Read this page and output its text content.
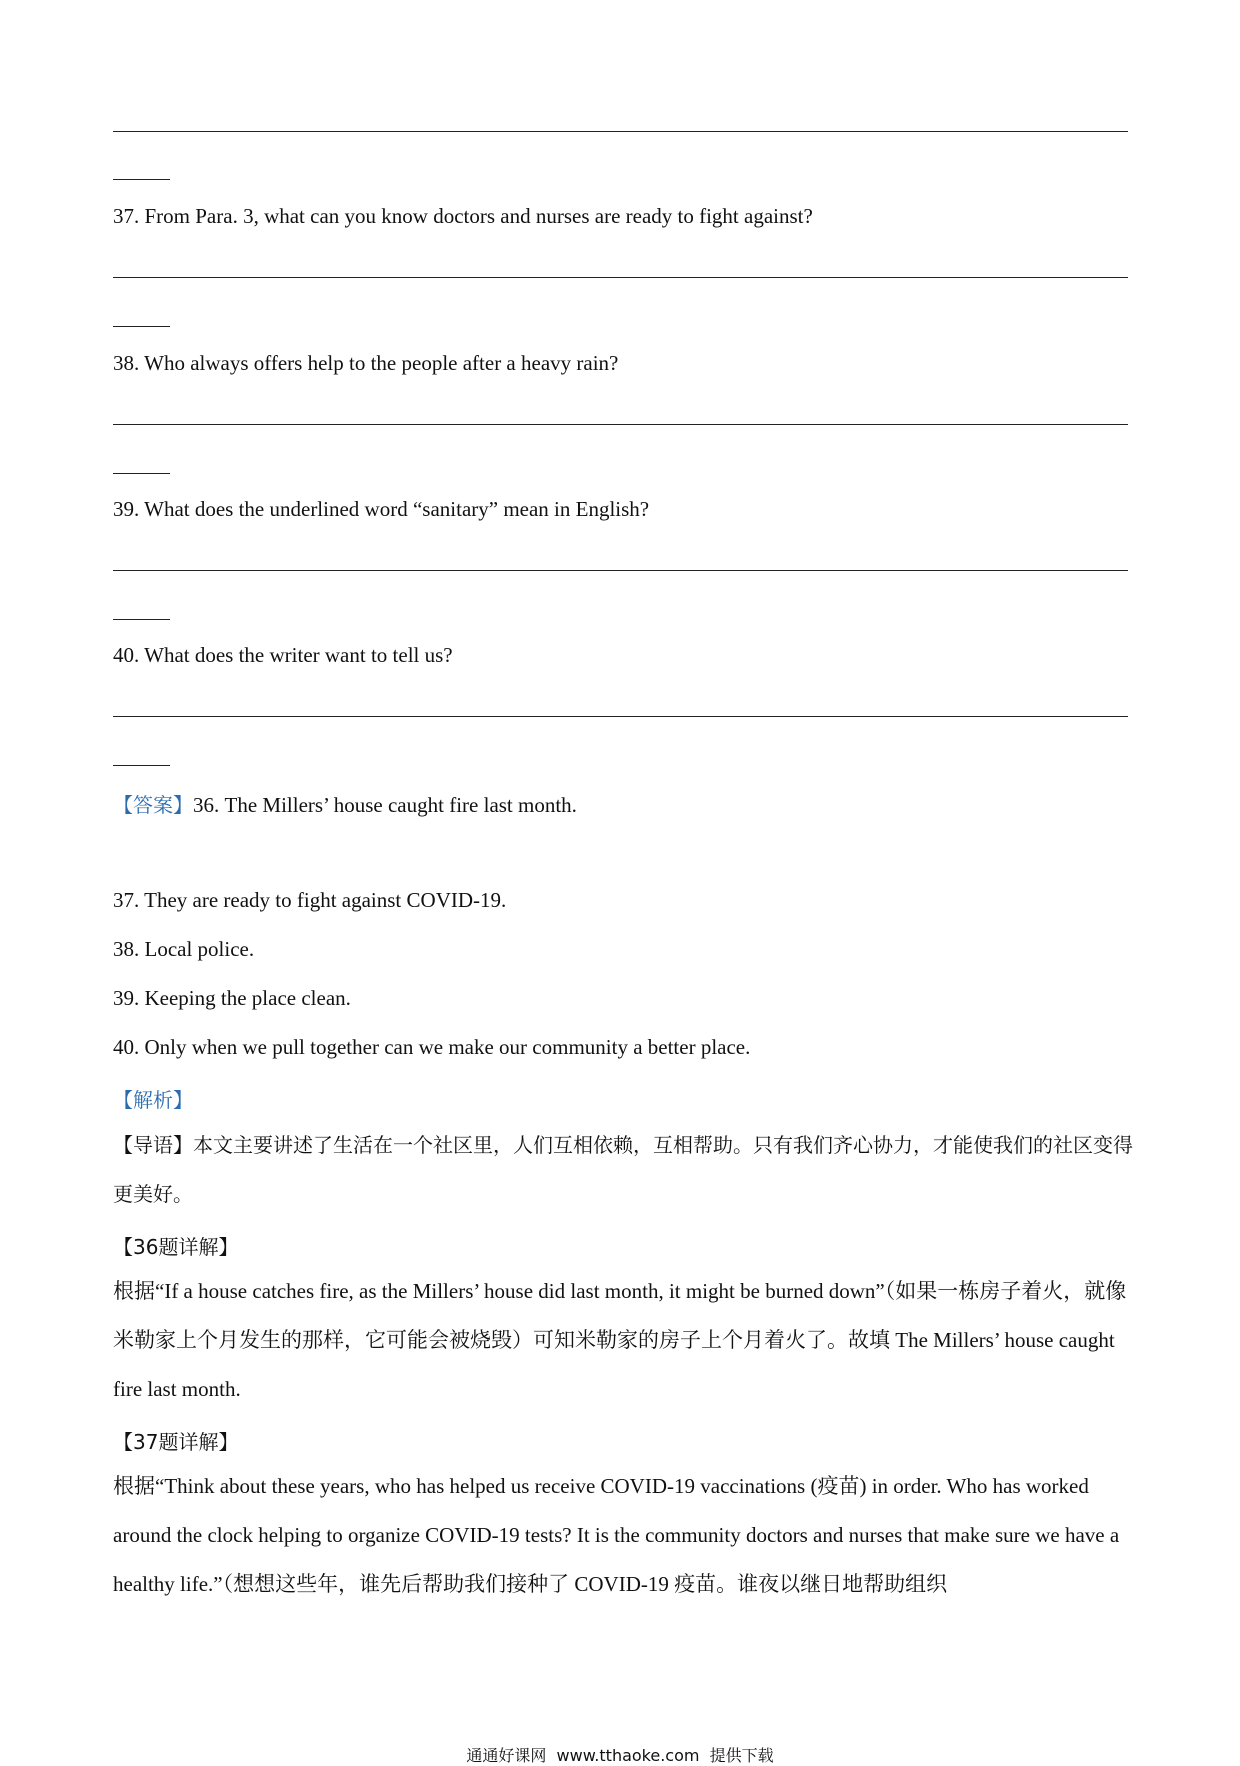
37. From Para. 3, what can you know doctors and nurses are ready to fight against?
38. Who always offers help to the people after a heavy rain?
39. What does the underlined word “sanitary” mean in English?
40. What does the writer want to tell us?
【答案】36. The Millers’ house caught fire last month.
37. They are ready to fight against COVID-19.
38. Local police.
39. Keeping the place clean.
40. Only when we pull together can we make our community a better place.
【解析】
【导语】本文主要讲述了生活在一个社区里，人们互相依赖，互相帮助。只有我们齐心协力，才能使我们的社区变得更美好。
【36题详解】
根据“If a house catches fire, as the Millers’ house did last month, it might be burned down”（如果一栋房子着火，就像米勒家上个月发生的那样，它可能会被烧毁）可知米勒家的房子上个月着火了。故填 The Millers’ house caught fire last month.
【37题详解】
根据“Think about these years, who has helped us receive COVID-19 vaccinations (疫苗) in order. Who has worked around the clock helping to organize COVID-19 tests? It is the community doctors and nurses that make sure we have a healthy life.”（想想这些年，谁先后帮助我们接种了 COVID-19 疫苗。谁夜以继日地帮助组织
通通好课网  www.tthaoke.com  提供下载
